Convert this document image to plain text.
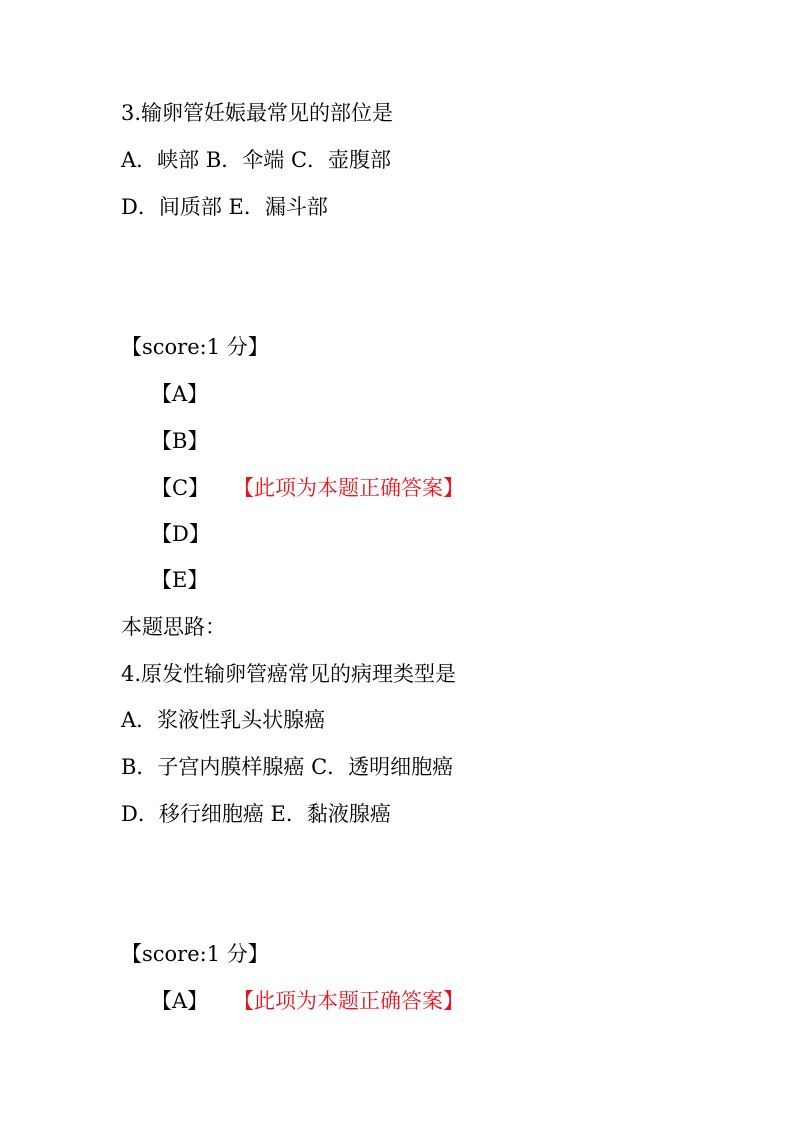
3.输卵管妊娠最常见的部位是
A．峡部 B．伞端 C．壶腹部
D．间质部 E．漏斗部
【score:1 分】
【A】
【B】
【C】 【此项为本题正确答案】
【D】
【E】
本题思路：
4.原发性输卵管癌常见的病理类型是
A．浆液性乳头状腺癌
B．子宫内膜样腺癌 C．透明细胞癌
D．移行细胞癌 E．黏液腺癌
【score:1 分】
【A】 【此项为本题正确答案】
